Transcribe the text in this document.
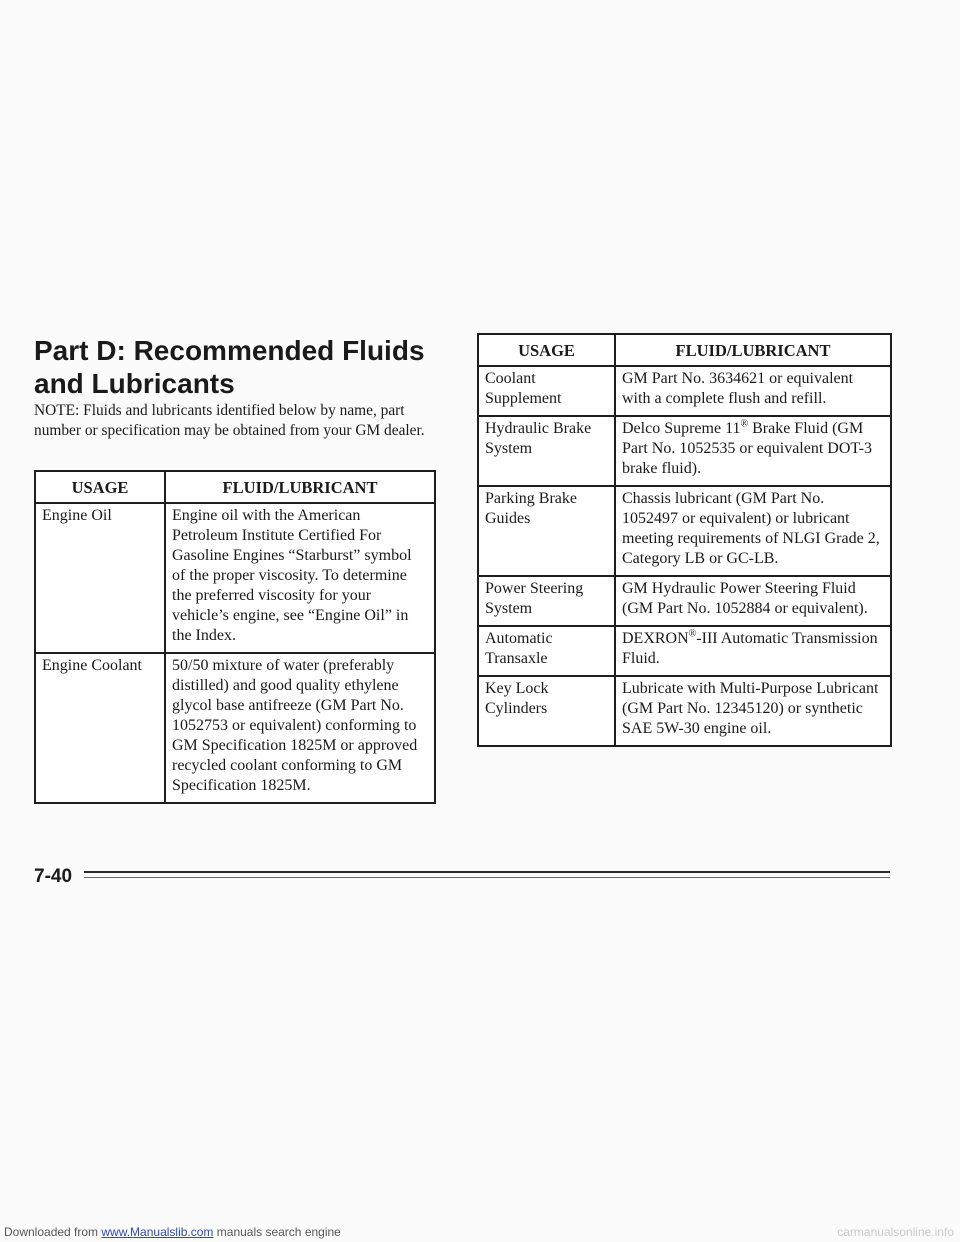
Part D: Recommended Fluids and Lubricants

NOTE: Fluids and lubricants identified below by name, part number or specification may be obtained from your GM dealer.

USAGE	FLUID/LUBRICANT
Engine Oil	Engine oil with the American Petroleum Institute Certified For Gasoline Engines “Starburst” symbol of the proper viscosity. To determine the preferred viscosity for your vehicle’s engine, see “Engine Oil” in the Index.
Engine Coolant	50/50 mixture of water (preferably distilled) and good quality ethylene glycol base antifreeze (GM Part No. 1052753 or equivalent) conforming to GM Specification 1825M or approved recycled coolant conforming to GM Specification 1825M.
USAGE	FLUID/LUBRICANT
Coolant Supplement	GM Part No. 3634621 or equivalent with a complete flush and refill.
Hydraulic Brake System	Delco Supreme 11® Brake Fluid (GM Part No. 1052535 or equivalent DOT-3 brake fluid).
Parking Brake Guides	Chassis lubricant (GM Part No. 1052497 or equivalent) or lubricant meeting requirements of NLGI Grade 2, Category LB or GC-LB.
Power Steering System	GM Hydraulic Power Steering Fluid (GM Part No. 1052884 or equivalent).
Automatic Transaxle	DEXRON®-III Automatic Transmission Fluid.
Key Lock Cylinders	Lubricate with Multi-Purpose Lubricant (GM Part No. 12345120) or synthetic SAE 5W-30 engine oil.
7-40
Downloaded from www.Manualslib.com manuals search engine	carmanualsonline.info
